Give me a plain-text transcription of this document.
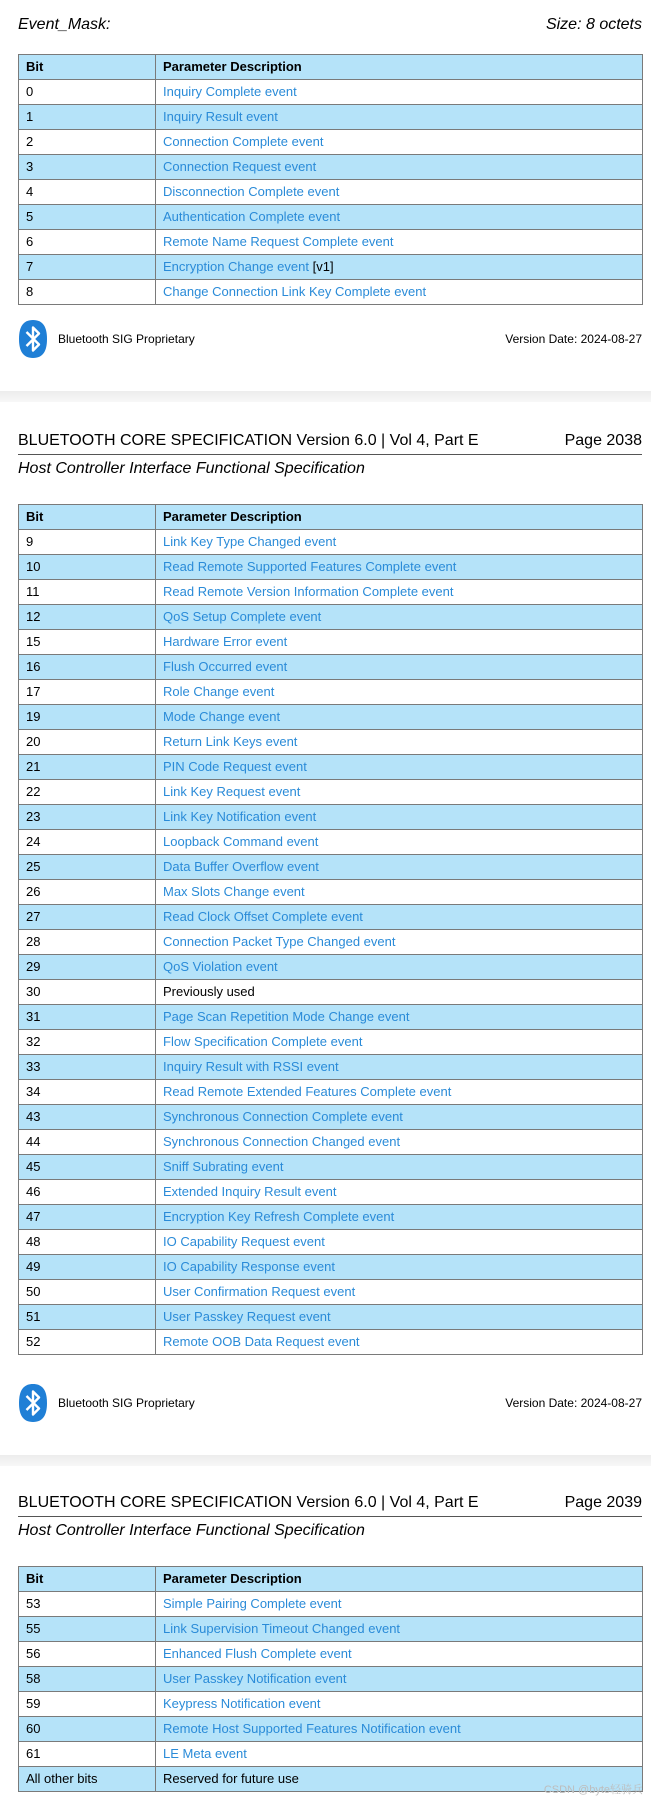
Event_Mask:	Size: 8 octets
Bit	Parameter Description
0	Inquiry Complete event
1	Inquiry Result event
2	Connection Complete event
3	Connection Request event
4	Disconnection Complete event
5	Authentication Complete event
6	Remote Name Request Complete event
7	Encryption Change event [v1]
8	Change Connection Link Key Complete event
Bluetooth SIG Proprietary	Version Date: 2024-08-27
BLUETOOTH CORE SPECIFICATION Version 6.0 | Vol 4, Part E	Page 2038
Host Controller Interface Functional Specification
Bit	Parameter Description
9	Link Key Type Changed event
10	Read Remote Supported Features Complete event
11	Read Remote Version Information Complete event
12	QoS Setup Complete event
15	Hardware Error event
16	Flush Occurred event
17	Role Change event
19	Mode Change event
20	Return Link Keys event
21	PIN Code Request event
22	Link Key Request event
23	Link Key Notification event
24	Loopback Command event
25	Data Buffer Overflow event
26	Max Slots Change event
27	Read Clock Offset Complete event
28	Connection Packet Type Changed event
29	QoS Violation event
30	Previously used
31	Page Scan Repetition Mode Change event
32	Flow Specification Complete event
33	Inquiry Result with RSSI event
34	Read Remote Extended Features Complete event
43	Synchronous Connection Complete event
44	Synchronous Connection Changed event
45	Sniff Subrating event
46	Extended Inquiry Result event
47	Encryption Key Refresh Complete event
48	IO Capability Request event
49	IO Capability Response event
50	User Confirmation Request event
51	User Passkey Request event
52	Remote OOB Data Request event
Bluetooth SIG Proprietary	Version Date: 2024-08-27
BLUETOOTH CORE SPECIFICATION Version 6.0 | Vol 4, Part E	Page 2039
Host Controller Interface Functional Specification
Bit	Parameter Description
53	Simple Pairing Complete event
55	Link Supervision Timeout Changed event
56	Enhanced Flush Complete event
58	User Passkey Notification event
59	Keypress Notification event
60	Remote Host Supported Features Notification event
61	LE Meta event
All other bits	Reserved for future use
CSDN @byte轻骑兵
